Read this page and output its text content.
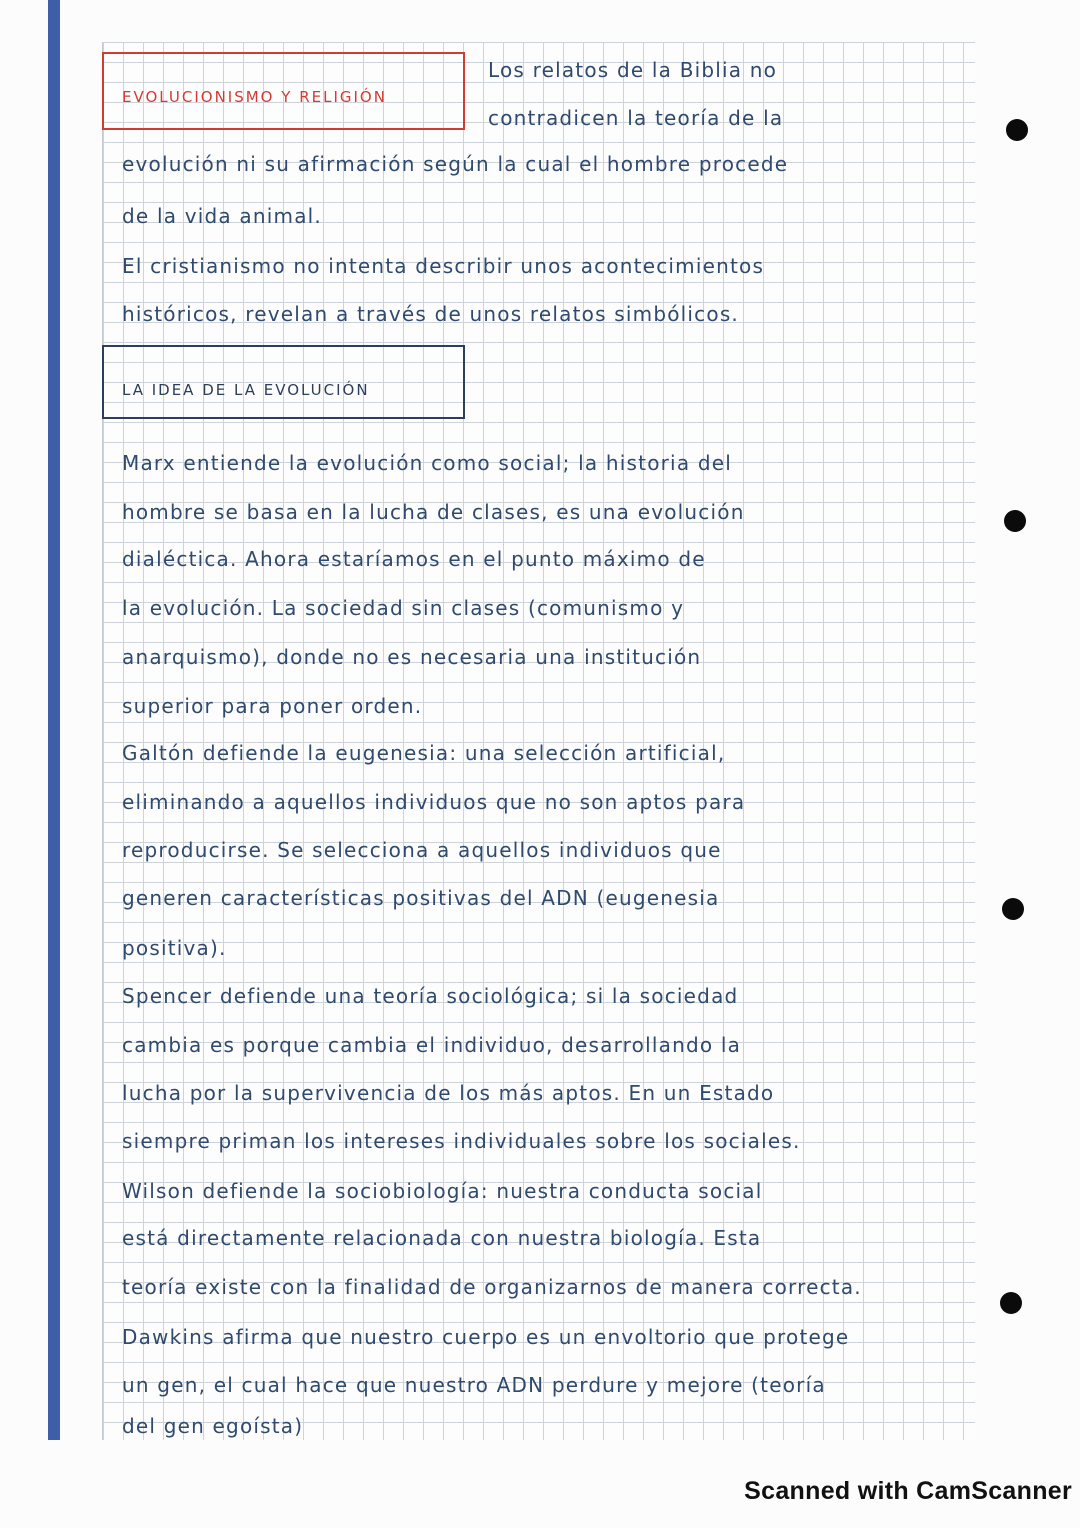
EVOLUCIONISMO Y RELIGIÓN
Los relatos de la Biblia no
contradicen la teoría de la
evolución ni su afirmación según la cual el hombre procede
de la vida animal.
El cristianismo no intenta describir unos acontecimientos
históricos, revelan a través de unos relatos simbólicos.
LA IDEA DE LA EVOLUCIÓN
Marx entiende la evolución como social; la historia del
hombre se basa en la lucha de clases, es una evolución
dialéctica. Ahora estaríamos en el punto máximo de
la evolución. La sociedad sin clases (comunismo y
anarquismo), donde no es necesaria una institución
superior para poner orden.
Galtón defiende la eugenesia: una selección artificial,
eliminando a aquellos individuos que no son aptos para
reproducirse. Se selecciona a aquellos individuos que
generen características positivas del ADN (eugenesia
positiva).
Spencer defiende una teoría sociológica; si la sociedad
cambia es porque cambia el individuo, desarrollando la
lucha por la supervivencia de los más aptos. En un Estado
siempre priman los intereses individuales sobre los sociales.
Wilson defiende la sociobiología: nuestra conducta social
está directamente relacionada con nuestra biología. Esta
teoría existe con la finalidad de organizarnos de manera correcta.
Dawkins afirma que nuestro cuerpo es un envoltorio que protege
un gen, el cual hace que nuestro ADN perdure y mejore (teoría
del gen egoísta)
Scanned with CamScanner
